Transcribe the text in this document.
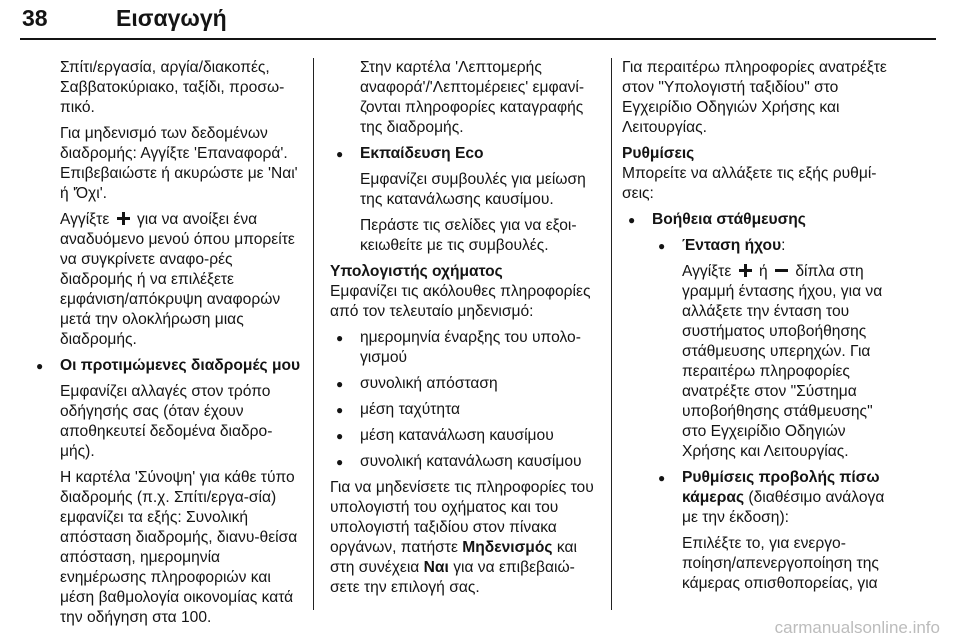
38	Εισαγωγή

Σπίτι/εργασία, αργία/διακοπές, Σαββατοκύριακο, ταξίδι, προσω-πικό.

Για μηδενισμό των δεδομένων διαδρομής: Αγγίξτε 'Επαναφορά'. Επιβεβαιώστε ή ακυρώστε με 'Ναι' ή 'Όχι'.

Αγγίξτε για να ανοίξει ένα αναδυόμενο μενού όπου μπορείτε να συγκρίνετε αναφο-ρές διαδρομής ή να επιλέξετε εμφάνιση/απόκρυψη αναφορών μετά την ολοκλήρωση μιας διαδρομής.

● Οι προτιμώμενες διαδρομές μου

Εμφανίζει αλλαγές στον τρόπο οδήγησής σας (όταν έχουν αποθηκευτεί δεδομένα διαδρο-μής).

Η καρτέλα 'Σύνοψη' για κάθε τύπο διαδρομής (π.χ. Σπίτι/εργα-σία) εμφανίζει τα εξής: Συνολική απόσταση διαδρομής, διανυ-θείσα απόσταση, ημερομηνία ενημέρωσης πληροφοριών και μέση βαθμολογία οικονομίας κατά την οδήγηση στα 100.

Στην καρτέλα 'Λεπτομερής αναφορά'/'Λεπτομέρειες' εμφανί-ζονται πληροφορίες καταγραφής της διαδρομής.

● Εκπαίδευση Eco

Εμφανίζει συμβουλές για μείωση της κατανάλωσης καυσίμου.

Περάστε τις σελίδες για να εξοι-κειωθείτε με τις συμβουλές.

Υπολογιστής οχήματος

Εμφανίζει τις ακόλουθες πληροφορίες από τον τελευταίο μηδενισμό:

● ημερομηνία έναρξης του υπολο-γισμού
● συνολική απόσταση
● μέση ταχύτητα
● μέση κατανάλωση καυσίμου
● συνολική κατανάλωση καυσίμου

Για να μηδενίσετε τις πληροφορίες του υπολογιστή του οχήματος και του υπολογιστή ταξιδίου στον πίνακα οργάνων, πατήστε Μηδενισμός και στη συνέχεια Ναι για να επιβεβαιώ-σετε την επιλογή σας.

Για περαιτέρω πληροφορίες ανατρέξτε στον "Υπολογιστή ταξιδίου" στο Εγχειρίδιο Οδηγιών Χρήσης και Λειτουργίας.

Ρυθμίσεις

Μπορείτε να αλλάξετε τις εξής ρυθμί-σεις:

● Βοήθεια στάθμευσης

● Ένταση ήχου:

Αγγίξτε ή δίπλα στη γραμμή έντασης ήχου, για να αλλάξετε την ένταση του συστήματος υποβοήθησης στάθμευσης υπερηχών. Για περαιτέρω πληροφορίες ανατρέξτε στον "Σύστημα υποβοήθησης στάθμευσης" στο Εγχειρίδιο Οδηγιών Χρήσης και Λειτουργίας.

● Ρυθμίσεις προβολής πίσω κάμερας (διαθέσιμο ανάλογα με την έκδοση):

Επιλέξτε το, για ενεργο-ποίηση/απενεργοποίηση της κάμερας οπισθοπορείας, για

carmanualsonline.info
